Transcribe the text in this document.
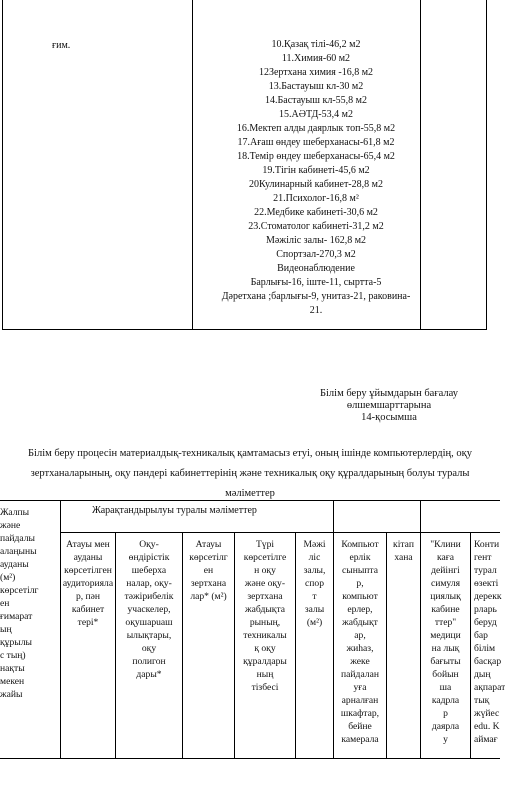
ғим.	10.Қазақ тілі-46,2 м2
11.Химия-60 м2
12Зертхана химия -16,8 м2
13.Бастауыш кл-30 м2
14.Бастауыш кл-55,8 м2
15.АӘТД-53,4 м2
16.Мектеп алды даярлык топ-55,8 м2
17.Ағаш өндеу шеберханасы-61,8 м2
18.Темір өндеу шеберханасы-65,4 м2
19.Тігін кабинеті-45,6 м2
20Кулинарный кабинет-28,8 м2
21.Психолог-16,8 м²
22.Медбике кабинеті-30,6 м2
23.Стоматолог кабинеті-31,2 м2
Мәжіліс залы- 162,8 м2
Спортзал-270,3 м2
Видеонаблюдение
Барлығы-16, іште-11, сыртта-5
Дәретхана ;барлығы-9, унитаз-21, раковина-
21.
Білім беру ұйымдарын бағалау
өлшемшарттарына
14-қосымша
Білім беру процесін материалдық-техникалық қамтамасыз етуі, оның ішінде компьютерлердің, оқу
зертханаларының, оқу пәндері кабинеттерінің және техникалық оқу құралдарының болуы туралы
мәліметтер
Жалпы
және
пайдалы
алаңыны
ауданы
(м²)
көрсетілг
ен
ғимарат
ың
құрылы
с тың)
нақты
мекен
жайы
Жарақтандырылуы туралы мәліметтер
Атауы мен
ауданы
көрсетілген
аудиторияла
р, пән
кабинет
тері*
Оқу-
өндірістік
шеберха
налар, оқу-
тәжірибелік
учаскелер,
оқушарuaш
ылықтары,
оқу
полигон
дары*
Атауы
көрсетілг
ен
зертхана
лар* (м²)
Түрі
көрсетілге
н оқу
және оқу-
зертхана
жабдықта
рының,
техникалы
қ оқу
құралдары
ның
тізбесі
Мәжі
ліс
залы,
спор
т
залы
(м²)
Компьют
ерлік
сыныпта
р,
компьют
ерлер,
жабдықт
ар,
жиһаз,
жеке
пайдалан
уға
арналған
шкафтар,
бейне
камерала
кітап
хана
"Клини
каға
дейінгі
симуля
циялық
кабине
ттер"
медици
на лық
бағыты
бойын
ша
кадрла
р
даярла
у
Конти
гент
турал
өзекті
дерекк
рларь
беруд
бар
білім
басқар
дың
ақпарат
тық
жүйес
edu. K
аймағ
